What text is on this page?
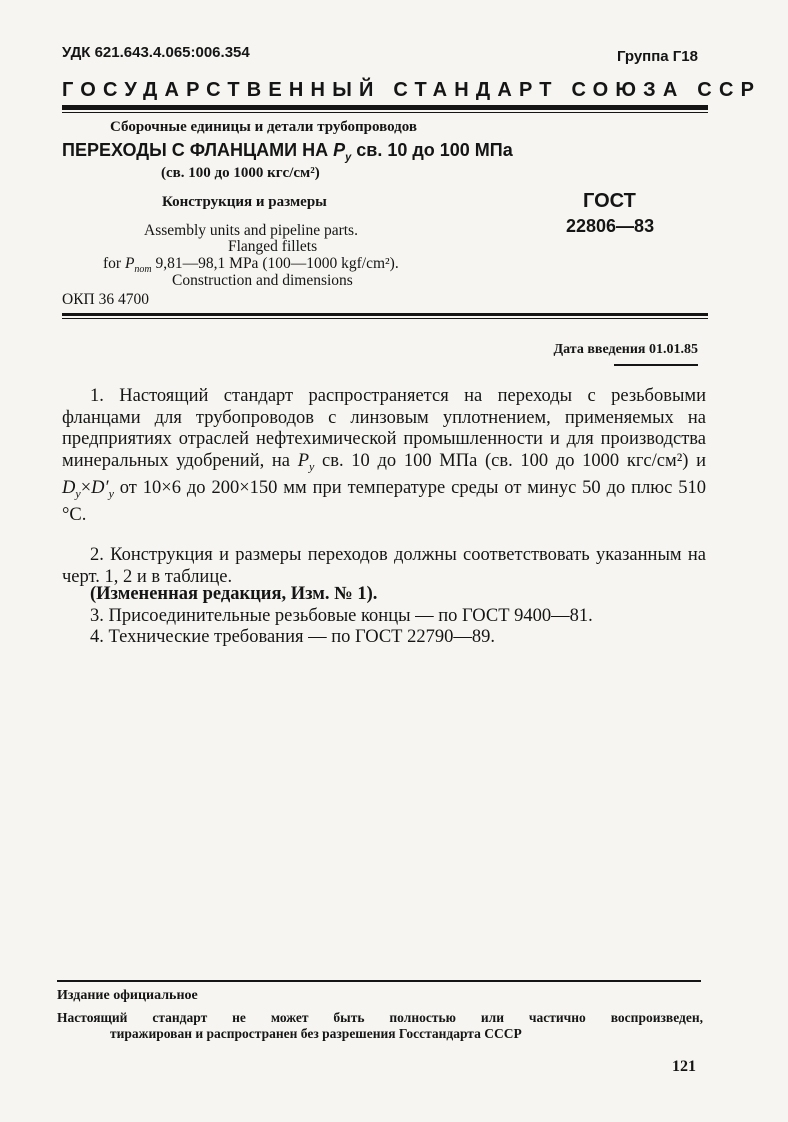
УДК 621.643.4.065:006.354	Группа Г18
ГОСУДАРСТВЕННЫЙ СТАНДАРТ СОЮЗА ССР
Сборочные единицы и детали трубопроводов
ПЕРЕХОДЫ С ФЛАНЦАМИ НА $P_у$ св. 10 до 100 МПа
(св. 100 до 1000 кгс/см²)
Конструкция и размеры	ГОСТ
22806—83
Assembly units and pipeline parts.
Flanged fillets
for $P_{nom}$ 9,81—98,1 MPa (100—1000 kgf/cm²).
Construction and dimensions
ОКП 36 4700
Дата введения 01.01.85
1. Настоящий стандарт распространяется на переходы с резьбовыми фланцами для трубопроводов с линзовым уплотнением, применяемых на предприятиях отраслей нефтехимической промышленности и для производства минеральных удобрений, на $P_у$ св. 10 до 100 МПа (св. 100 до 1000 кгс/см²) и $D_у\times D'_у$ от 10×6 до 200×150 мм при температуре среды от минус 50 до плюс 510 °С.
2. Конструкция и размеры переходов должны соответствовать указанным на черт. 1, 2 и в таблице.
(Измененная редакция, Изм. № 1).
3. Присоединительные резьбовые концы — по ГОСТ 9400—81.
4. Технические требования — по ГОСТ 22790—89.
Издание официальное
Настоящий стандарт не может быть полностью или частично воспроизведен,
тиражирован и распространен без разрешения Госстандарта СССР
121
